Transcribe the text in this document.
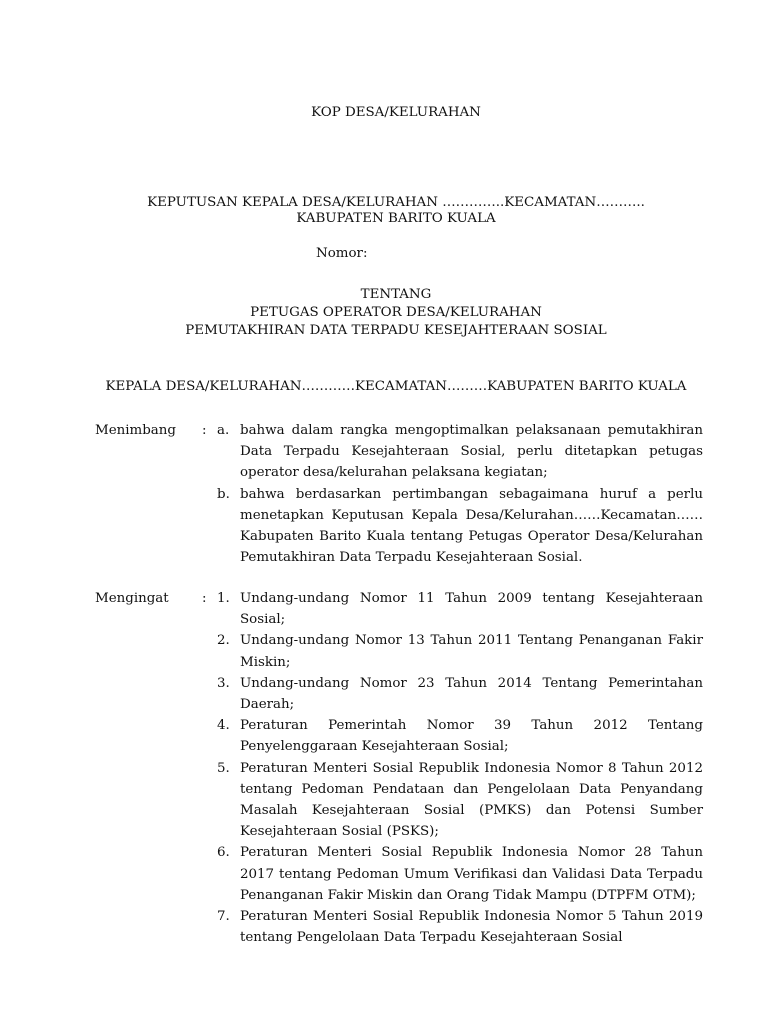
KOP DESA/KELURAHAN
KEPUTUSAN KEPALA DESA/KELURAHAN …………..KECAMATAN………..
KABUPATEN BARITO KUALA
Nomor:
TENTANG
PETUGAS OPERATOR DESA/KELURAHAN
PEMUTAKHIRAN DATA TERPADU KESEJAHTERAAN SOSIAL
KEPALA DESA/KELURAHAN…………KECAMATAN………KABUPATEN BARITO KUALA
Menimbang : a. bahwa dalam rangka mengoptimalkan pelaksanaan pemutakhiran Data Terpadu Kesejahteraan Sosial, perlu ditetapkan petugas operator desa/kelurahan pelaksana kegiatan;
b. bahwa berdasarkan pertimbangan sebagaimana huruf a perlu menetapkan Keputusan Kepala Desa/Kelurahan……Kecamatan…… Kabupaten Barito Kuala tentang Petugas Operator Desa/Kelurahan Pemutakhiran Data Terpadu Kesejahteraan Sosial.
Mengingat : 1. Undang-undang Nomor 11 Tahun 2009 tentang Kesejahteraan Sosial;
2. Undang-undang Nomor 13 Tahun 2011 Tentang Penanganan Fakir Miskin;
3. Undang-undang Nomor 23 Tahun 2014 Tentang Pemerintahan Daerah;
4. Peraturan Pemerintah Nomor 39 Tahun 2012 Tentang Penyelenggaraan Kesejahteraan Sosial;
5. Peraturan Menteri Sosial Republik Indonesia Nomor 8 Tahun 2012 tentang Pedoman Pendataan dan Pengelolaan Data Penyandang Masalah Kesejahteraan Sosial (PMKS) dan Potensi Sumber Kesejahteraan Sosial (PSKS);
6. Peraturan Menteri Sosial Republik Indonesia Nomor 28 Tahun 2017 tentang Pedoman Umum Verifikasi dan Validasi Data Terpadu Penanganan Fakir Miskin dan Orang Tidak Mampu (DTPFM OTM);
7. Peraturan Menteri Sosial Republik Indonesia Nomor 5 Tahun 2019 tentang Pengelolaan Data Terpadu Kesejahteraan Sosial
